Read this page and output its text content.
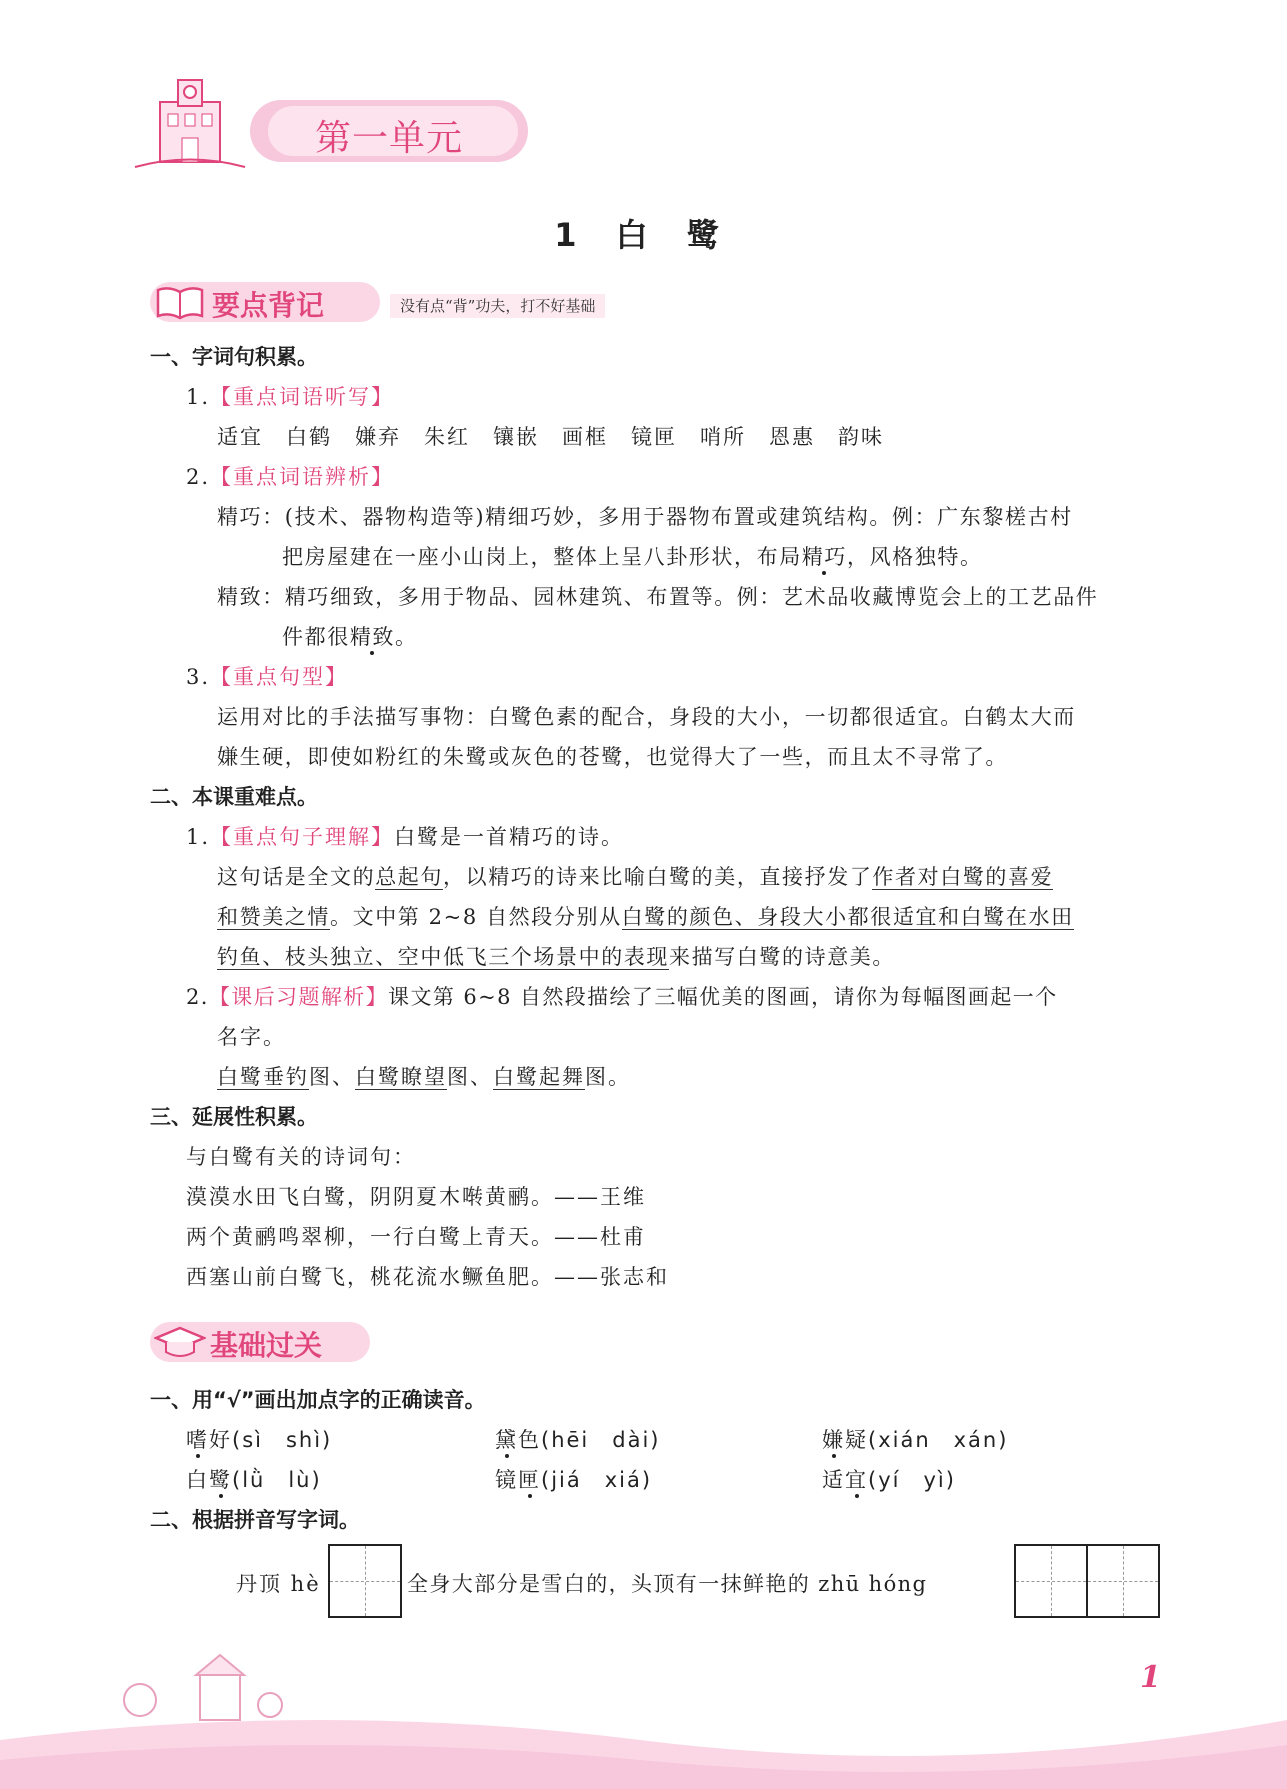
第一单元
1 白 鹭
要点背记	没有点“背”功夫，打不好基础
一、字词句积累。
1.【重点词语听写】
适宜　白鹤　嫌弃　朱红　镶嵌　画框　镜匣　哨所　恩惠　韵味
2.【重点词语辨析】
精巧：(技术、器物构造等)精细巧妙，多用于器物布置或建筑结构。例：广东黎槎古村
把房屋建在一座小山岗上，整体上呈八卦形状，布局精巧，风格独特。
精致：精巧细致，多用于物品、园林建筑、布置等。例：艺术品收藏博览会上的工艺品件
件都很精致。
3.【重点句型】
运用对比的手法描写事物：白鹭色素的配合，身段的大小，一切都很适宜。白鹤太大而
嫌生硬，即使如粉红的朱鹭或灰色的苍鹭，也觉得大了一些，而且太不寻常了。
二、本课重难点。
1.【重点句子理解】白鹭是一首精巧的诗。
这句话是全文的总起句，以精巧的诗来比喻白鹭的美，直接抒发了作者对白鹭的喜爱
和赞美之情。文中第 2~8 自然段分别从白鹭的颜色、身段大小都很适宜和白鹭在水田
钓鱼、枝头独立、空中低飞三个场景中的表现来描写白鹭的诗意美。
2.【课后习题解析】课文第 6~8 自然段描绘了三幅优美的图画，请你为每幅图画起一个
名字。
白鹭垂钓图、白鹭瞭望图、白鹭起舞图。
三、延展性积累。
与白鹭有关的诗词句：
漠漠水田飞白鹭，阴阴夏木啭黄鹂。——王维
两个黄鹂鸣翠柳，一行白鹭上青天。——杜甫
西塞山前白鹭飞，桃花流水鳜鱼肥。——张志和
基础过关
一、用“√”画出加点字的正确读音。
嗜好(sì　shì)	黛色(hēi　dài)	嫌疑(xián　xán)
白鹭(lǜ　lù)	镜匣(jiá　xiá)	适宜(yí　yì)
二、根据拼音写字词。
丹顶 hè	全身大部分是雪白的，头顶有一抹鲜艳的 zhū hóng
1
